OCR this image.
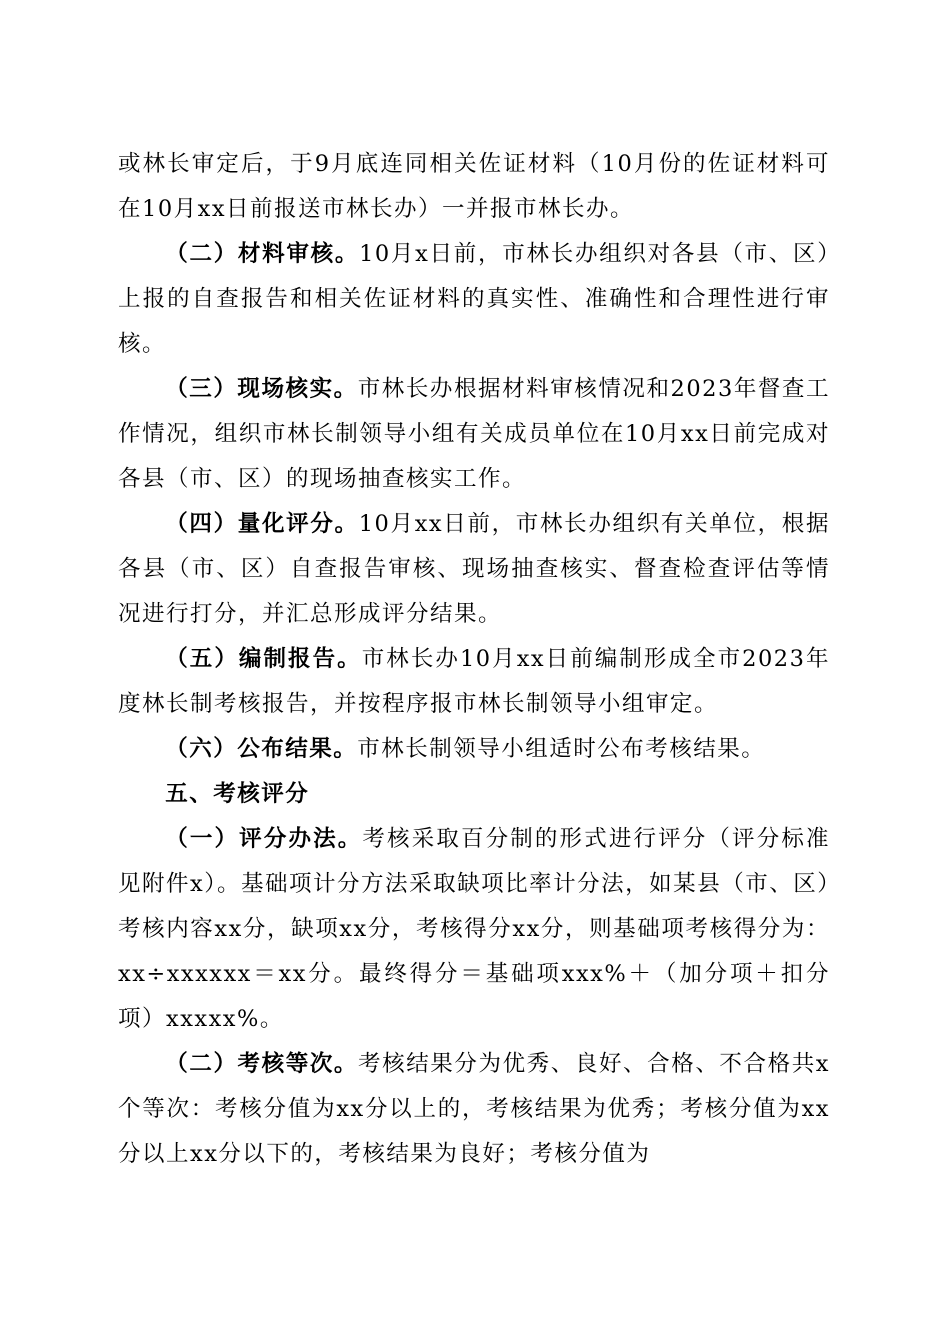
或林长审定后，于9月底连同相关佐证材料（10月份的佐证材料可在10月xx日前报送市林长办）一并报市林长办。

（二）材料审核。10月x日前，市林长办组织对各县（市、区）上报的自查报告和相关佐证材料的真实性、准确性和合理性进行审核。

（三）现场核实。市林长办根据材料审核情况和2023年督查工作情况，组织市林长制领导小组有关成员单位在10月xx日前完成对各县（市、区）的现场抽查核实工作。

（四）量化评分。10月xx日前，市林长办组织有关单位，根据各县（市、区）自查报告审核、现场抽查核实、督查检查评估等情况进行打分，并汇总形成评分结果。

（五）编制报告。市林长办10月xx日前编制形成全市2023年度林长制考核报告，并按程序报市林长制领导小组审定。

（六）公布结果。市林长制领导小组适时公布考核结果。

五、考核评分

（一）评分办法。考核采取百分制的形式进行评分（评分标准见附件x）。基础项计分方法采取缺项比率计分法，如某县（市、区）考核内容xx分，缺项xx分，考核得分xx分，则基础项考核得分为：xx÷xxxxxx＝xx分。最终得分＝基础项xxx%＋（加分项＋扣分项）xxxxx%。

（二）考核等次。考核结果分为优秀、良好、合格、不合格共x个等次：考核分值为xx分以上的，考核结果为优秀；考核分值为xx分以上xx分以下的，考核结果为良好；考核分值为
